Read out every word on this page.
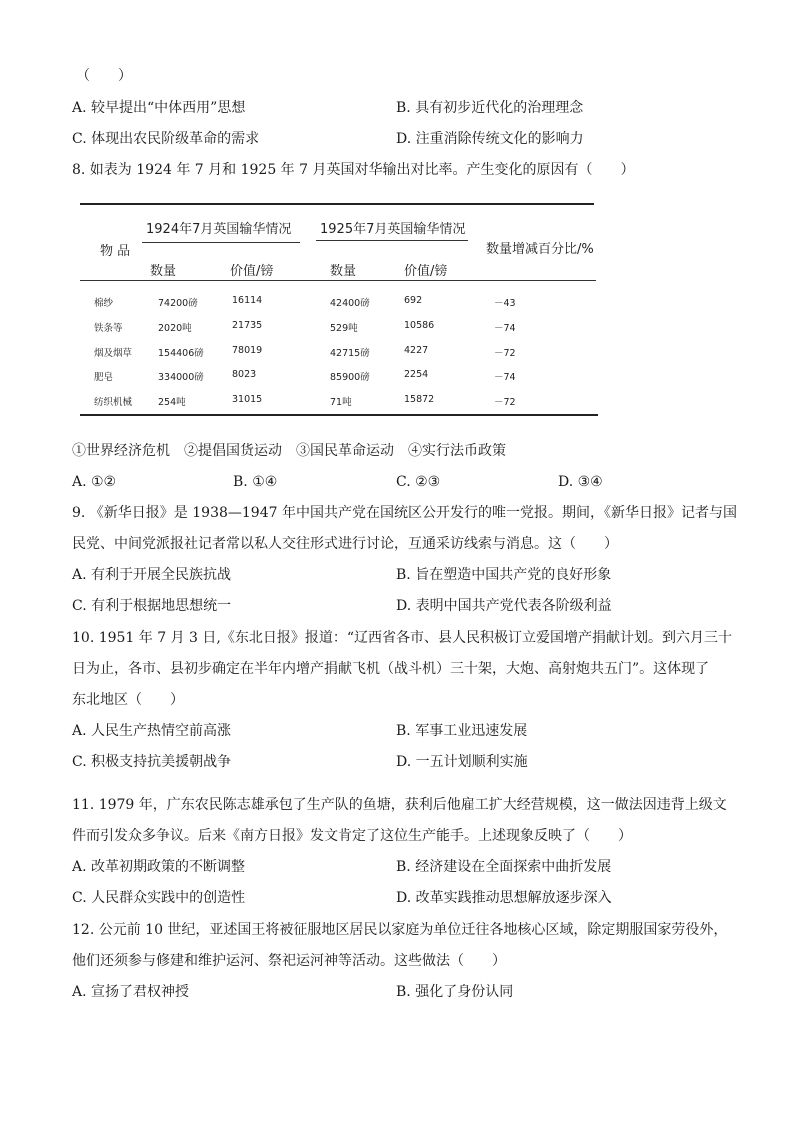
（　　）
A. 较早提出“中体西用”思想	B. 具有初步近代化的治理理念
C. 体现出农民阶级革命的需求	D. 注重消除传统文化的影响力
8. 如表为 1924 年 7 月和 1925 年 7 月英国对华输出对比率。产生变化的原因有（　　）
物 品
1924年7月英国输华情况 1925年7月英国输华情况
数量增减百分比/%
数量	价值/镑	数量	价值/镑
棉纱	74200磅	16114	42400磅	692	－43
铁条等	2020吨	21735	529吨	10586	－74
烟及烟草	154406磅	78019	42715磅	4227	－72
肥皂	334000磅	8023	85900磅	2254	－74
纺织机械	254吨	31015	71吨	15872	－72
①世界经济危机　②提倡国货运动　③国民革命运动　④实行法币政策
A. ①②	B. ①④	C. ②③	D. ③④
9. 《新华日报》是 1938—1947 年中国共产党在国统区公开发行的唯一党报。期间，《新华日报》记者与国
民党、中间党派报社记者常以私人交往形式进行讨论，互通采访线索与消息。这（　　）
A. 有利于开展全民族抗战	B. 旨在塑造中国共产党的良好形象
C. 有利于根据地思想统一	D. 表明中国共产党代表各阶级利益
10. 1951 年 7 月 3 日,《东北日报》报道：“辽西省各市、县人民积极订立爱国增产捐献计划。到六月三十
日为止，各市、县初步确定在半年内增产捐献飞机（战斗机）三十架，大炮、高射炮共五门”。这体现了
东北地区（　　）
A. 人民生产热情空前高涨	B. 军事工业迅速发展
C. 积极支持抗美援朝战争	D. 一五计划顺利实施
11. 1979 年，广东农民陈志雄承包了生产队的鱼塘，获利后他雇工扩大经营规模，这一做法因违背上级文
件而引发众多争议。后来《南方日报》发文肯定了这位生产能手。上述现象反映了（　　）
A. 改革初期政策的不断调整	B. 经济建设在全面探索中曲折发展
C. 人民群众实践中的创造性	D. 改革实践推动思想解放逐步深入
12. 公元前 10 世纪，亚述国王将被征服地区居民以家庭为单位迁往各地核心区域，除定期服国家劳役外，
他们还须参与修建和维护运河、祭祀运河神等活动。这些做法（　　）
A. 宣扬了君权神授	B. 强化了身份认同
